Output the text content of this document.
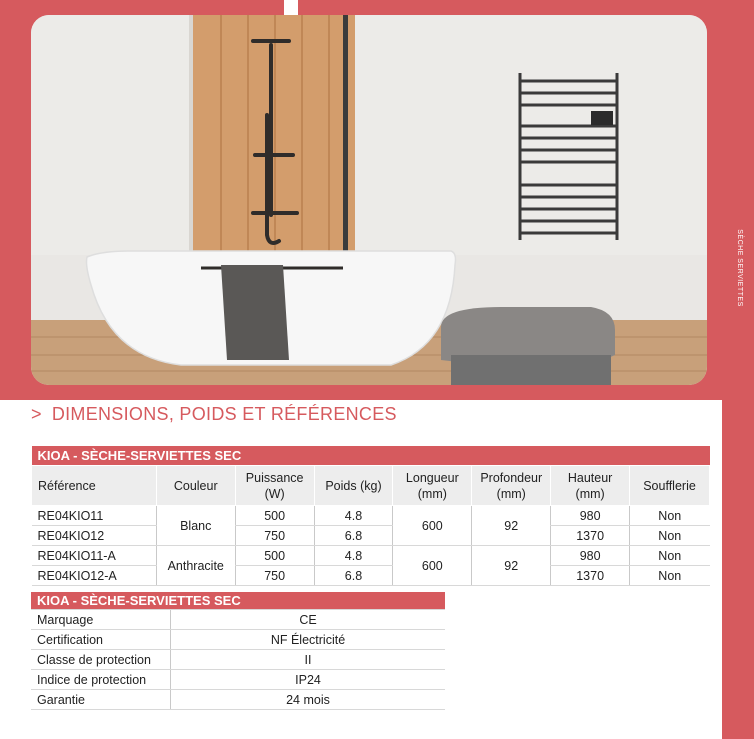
SÈCHE SERVIETTES
> DIMENSIONS, POIDS ET RÉFÉRENCES
KIOA - SÈCHE-SERVIETTES SEC							
Référence	Couleur	Puissance (W)	Poids (kg)	Longueur (mm)	Profondeur (mm)	Hauteur (mm)	Soufflerie
RE04KIO11	Blanc	500	4.8	600	92	980	Non
RE04KIO12		750	6.8			1370	Non
RE04KIO11-A	Anthracite	500	4.8	600	92	980	Non
RE04KIO12-A		750	6.8			1370	Non
KIOA - SÈCHE-SERVIETTES SEC	
Marquage	CE
Certification	NF Électricité
Classe de protection	II
Indice de protection	IP24
Garantie	24 mois
